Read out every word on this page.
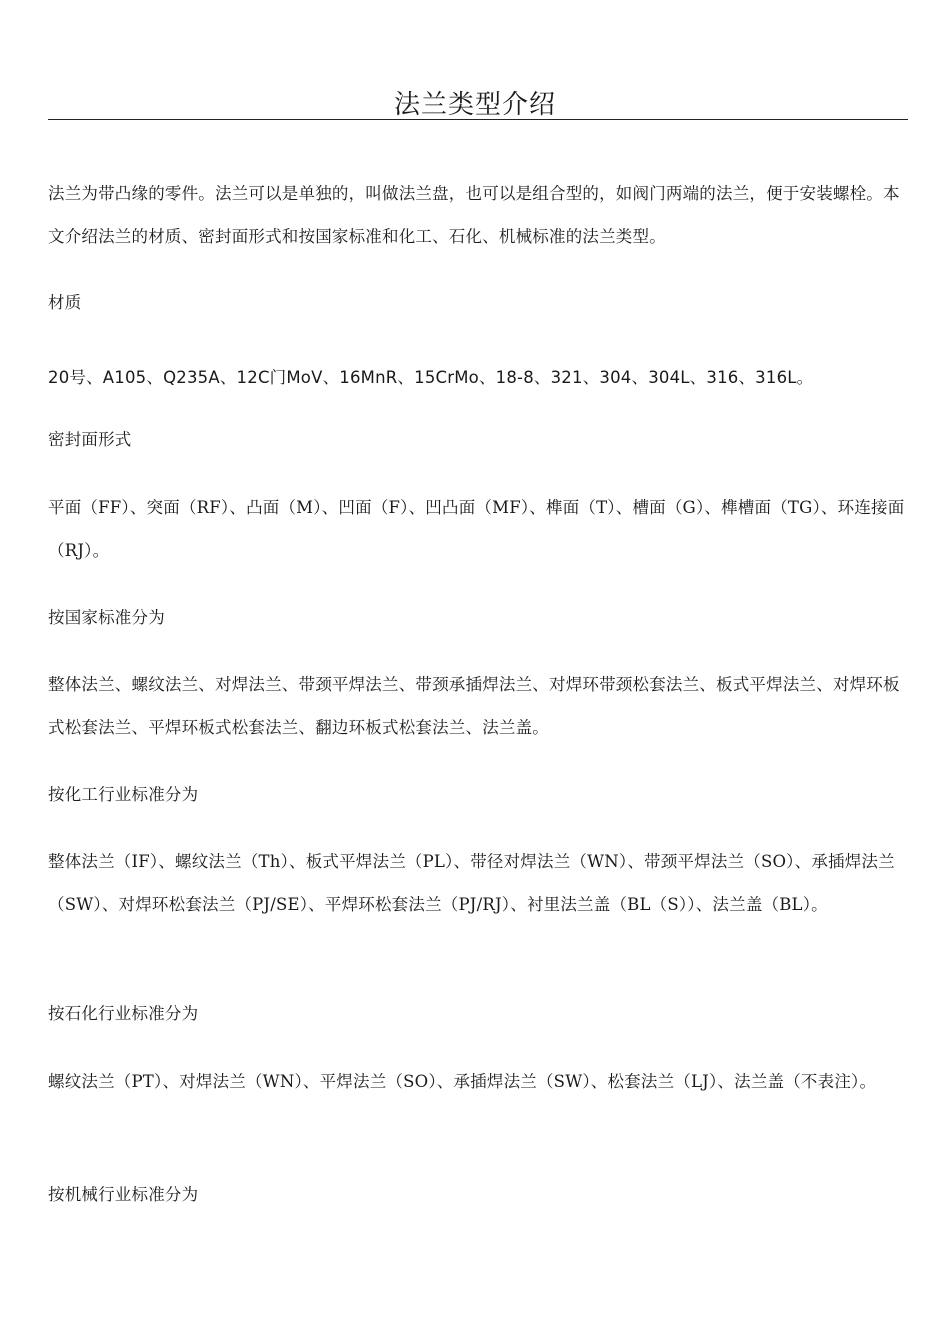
法兰类型介绍

法兰为带凸缘的零件。法兰可以是单独的，叫做法兰盘，也可以是组合型的，如阀门两端的法兰，便于安装螺栓。本文介绍法兰的材质、密封面形式和按国家标准和化工、石化、机械标准的法兰类型。

材质

20号、A105、Q235A、12C门MoV、16MnR、15CrMo、18-8、321、304、304L、316、316L。

密封面形式

平面（FF）、突面（RF）、凸面（M）、凹面（F）、凹凸面（MF）、榫面（T）、槽面（G）、榫槽面（TG）、环连接面（RJ）。

按国家标准分为

整体法兰、螺纹法兰、对焊法兰、带颈平焊法兰、带颈承插焊法兰、对焊环带颈松套法兰、板式平焊法兰、对焊环板式松套法兰、平焊环板式松套法兰、翻边环板式松套法兰、法兰盖。

按化工行业标准分为

整体法兰（IF）、螺纹法兰（Th）、板式平焊法兰（PL）、带径对焊法兰（WN）、带颈平焊法兰（SO）、承插焊法兰（SW）、对焊环松套法兰（PJ/SE）、平焊环松套法兰（PJ/RJ）、衬里法兰盖（BL（S））、法兰盖（BL）。

按石化行业标准分为

螺纹法兰（PT）、对焊法兰（WN）、平焊法兰（SO）、承插焊法兰（SW）、松套法兰（LJ）、法兰盖（不表注）。

按机械行业标准分为
